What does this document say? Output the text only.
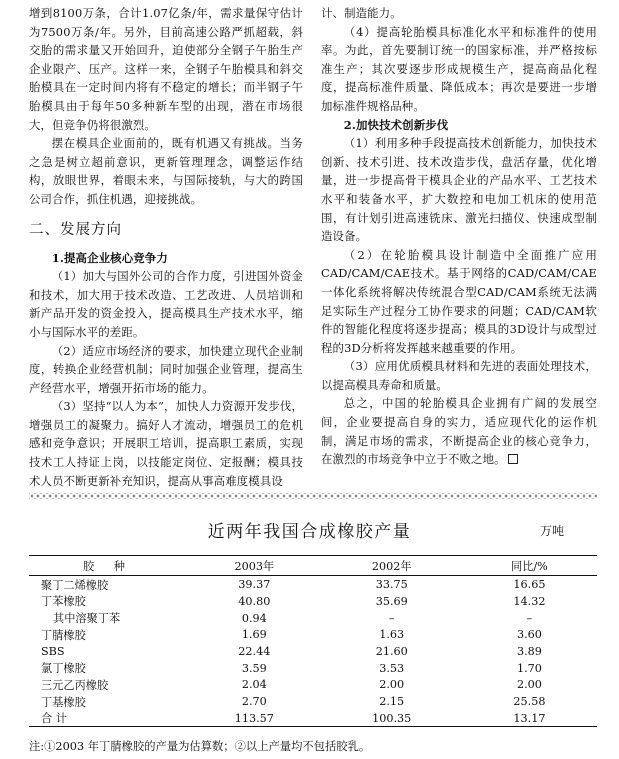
增到8100万条，合计1.07亿条/年，需求量保守估计为7500万条/年。另外，目前高速公路严抓超载，斜交胎的需求量又开始回升，迫使部分全钢子午胎生产企业限产、压产。这样一来，全钢子午胎模具和斜交胎模具在一定时间内将有不稳定的增长；而半钢子午胎模具由于每年50多种新车型的出现，潜在市场很大，但竞争仍将很激烈。

摆在模具企业面前的，既有机遇又有挑战。当务之急是树立超前意识，更新管理理念，调整运作结构，放眼世界，着眼未来，与国际接轨，与大的跨国公司合作，抓住机遇，迎接挑战。

二、发展方向

1.提高企业核心竞争力

（1）加大与国外公司的合作力度，引进国外资金和技术，加大用于技术改造、工艺改进、人员培训和新产品开发的资金投入，提高模具生产技术水平，缩小与国际水平的差距。

（2）适应市场经济的要求，加快建立现代企业制度，转换企业经营机制；同时加强企业管理，提高生产经营水平，增强开拓市场的能力。

（3）坚持“以人为本”，加快人力资源开发步伐，增强员工的凝聚力。搞好人才流动，增强员工的危机感和竞争意识；开展职工培训，提高职工素质，实现技术工人持证上岗，以技能定岗位、定报酬；模具技术人员不断更新补充知识，提高从事高难度模具设

计、制造能力。

（4）提高轮胎模具标准化水平和标准件的使用率。为此，首先要制订统一的国家标准，并严格按标准生产；其次要逐步形成规模生产，提高商品化程度，提高标准件质量、降低成本；再次是要进一步增加标准件规格品种。

2.加快技术创新步伐

（1）利用多种手段提高技术创新能力，加快技术创新、技术引进、技术改造步伐，盘活存量，优化增量，进一步提高骨干模具企业的产品水平、工艺技术水平和装备水平，扩大数控和电加工机床的使用范围，有计划引进高速铣床、激光扫描仪、快速成型制造设备。

（2）在轮胎模具设计制造中全面推广应用CAD/CAM/CAE技术。基于网络的CAD/CAM/CAE一体化系统将解决传统混合型CAD/CAM系统无法满足实际生产过程分工协作要求的问题；CAD/CAM软件的智能化程度将逐步提高；模具的3D设计与成型过程的3D分析将发挥越来越重要的作用。

（3）应用优质模具材料和先进的表面处理技术，以提高模具寿命和质量。

总之，中国的轮胎模具企业拥有广阔的发展空间，企业要提高自身的实力，适应现代化的运作机制，满足市场的需求，不断提高企业的核心竞争力，在激烈的市场竞争中立于不败之地。

近两年我国合成橡胶产量	万吨
胶 种	2003年	2002年	同比/%
聚丁二烯橡胶	39.37	33.75	16.65
丁苯橡胶	40.80	35.69	14.32
其中溶聚丁苯	0.94	–	–
丁腈橡胶	1.69	1.63	3.60
SBS	22.44	21.60	3.89
氯丁橡胶	3.59	3.53	1.70
三元乙丙橡胶	2.04	2.00	2.00
丁基橡胶	2.70	2.15	25.58
合 计	113.57	100.35	13.17
注:①2003 年丁腈橡胶的产量为估算数；②以上产量均不包括胶乳。
